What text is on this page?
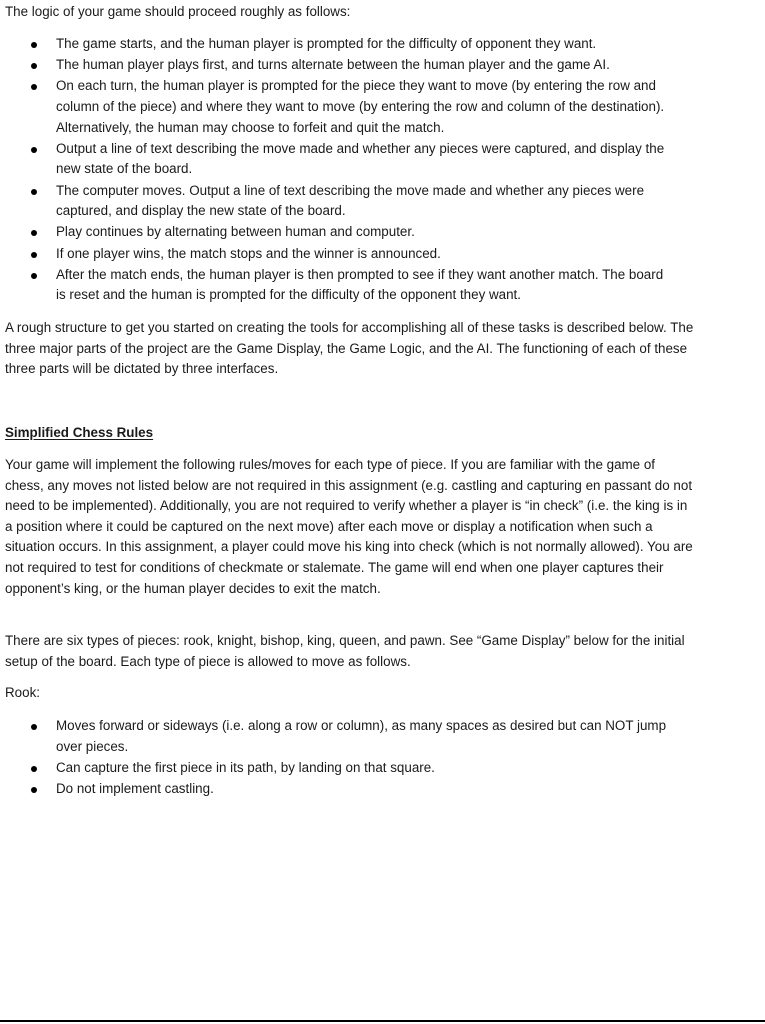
The logic of your game should proceed roughly as follows:

The game starts, and the human player is prompted for the difficulty of opponent they want.
The human player plays first, and turns alternate between the human player and the game AI.
On each turn, the human player is prompted for the piece they want to move (by entering the row and column of the piece) and where they want to move (by entering the row and column of the destination). Alternatively, the human may choose to forfeit and quit the match.
Output a line of text describing the move made and whether any pieces were captured, and display the new state of the board.
The computer moves. Output a line of text describing the move made and whether any pieces were captured, and display the new state of the board.
Play continues by alternating between human and computer.
If one player wins, the match stops and the winner is announced.
After the match ends, the human player is then prompted to see if they want another match. The board is reset and the human is prompted for the difficulty of the opponent they want.

A rough structure to get you started on creating the tools for accomplishing all of these tasks is described below. The three major parts of the project are the Game Display, the Game Logic, and the AI. The functioning of each of these three parts will be dictated by three interfaces.

Simplified Chess Rules

Your game will implement the following rules/moves for each type of piece. If you are familiar with the game of chess, any moves not listed below are not required in this assignment (e.g. castling and capturing en passant do not need to be implemented). Additionally, you are not required to verify whether a player is “in check” (i.e. the king is in a position where it could be captured on the next move) after each move or display a notification when such a situation occurs. In this assignment, a player could move his king into check (which is not normally allowed). You are not required to test for conditions of checkmate or stalemate. The game will end when one player captures their opponent’s king, or the human player decides to exit the match.

There are six types of pieces: rook, knight, bishop, king, queen, and pawn. See “Game Display” below for the initial setup of the board. Each type of piece is allowed to move as follows.

Rook:

Moves forward or sideways (i.e. along a row or column), as many spaces as desired but can NOT jump over pieces.
Can capture the first piece in its path, by landing on that square.
Do not implement castling.
